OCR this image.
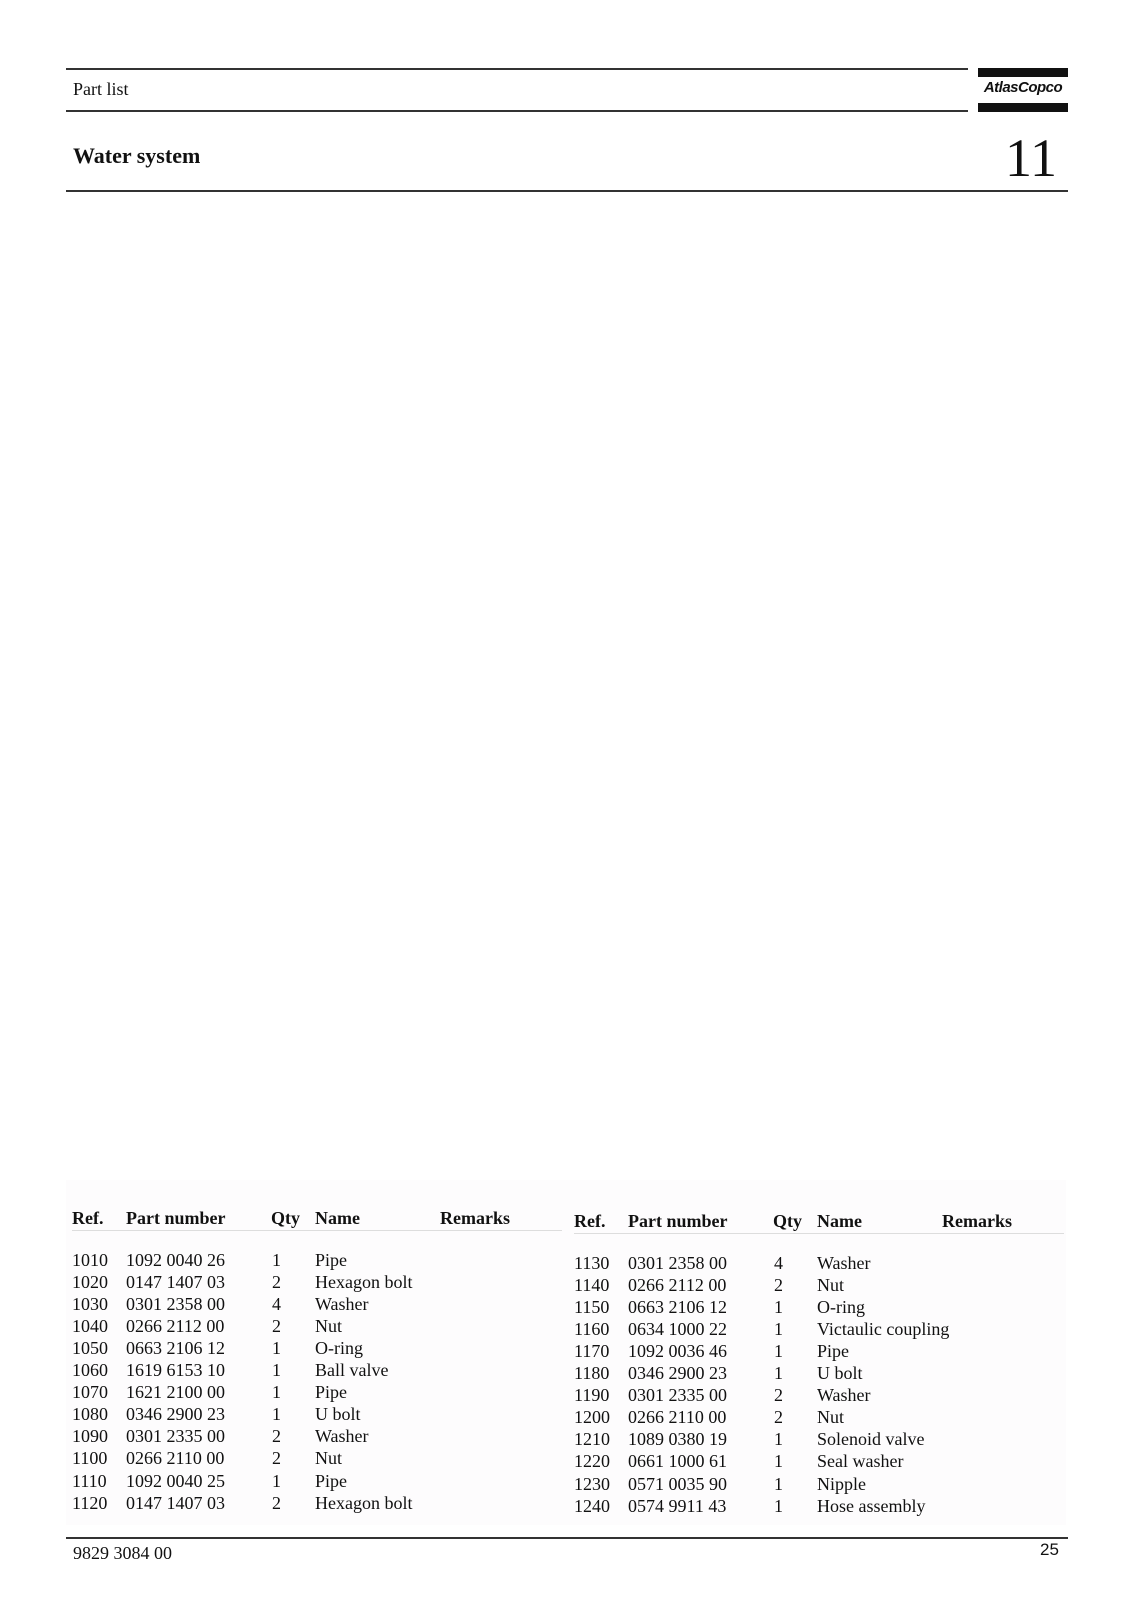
Part list	AtlasCopco
Water system	11
Ref. Part number	Qty Name	Remarks
1010 1092 0040 26	1 Pipe
1020 0147 1407 03	2 Hexagon bolt
1030 0301 2358 00	4 Washer
1040 0266 2112 00	2 Nut
1050 0663 2106 12	1 O-ring
1060 1619 6153 10	1 Ball valve
1070 1621 2100 00	1 Pipe
1080 0346 2900 23	1 U bolt
1090 0301 2335 00	2 Washer
1100 0266 2110 00	2 Nut
1110 1092 0040 25	1 Pipe
1120 0147 1407 03	2 Hexagon bolt
Ref. Part number	Qty Name	Remarks
1130 0301 2358 00	4 Washer
1140 0266 2112 00	2 Nut
1150 0663 2106 12	1 O-ring
1160 0634 1000 22	1 Victaulic coupling
1170 1092 0036 46	1 Pipe
1180 0346 2900 23	1 U bolt
1190 0301 2335 00	2 Washer
1200 0266 2110 00	2 Nut
1210 1089 0380 19	1 Solenoid valve
1220 0661 1000 61	1 Seal washer
1230 0571 0035 90	1 Nipple
1240 0574 9911 43	1 Hose assembly
9829 3084 00	25
